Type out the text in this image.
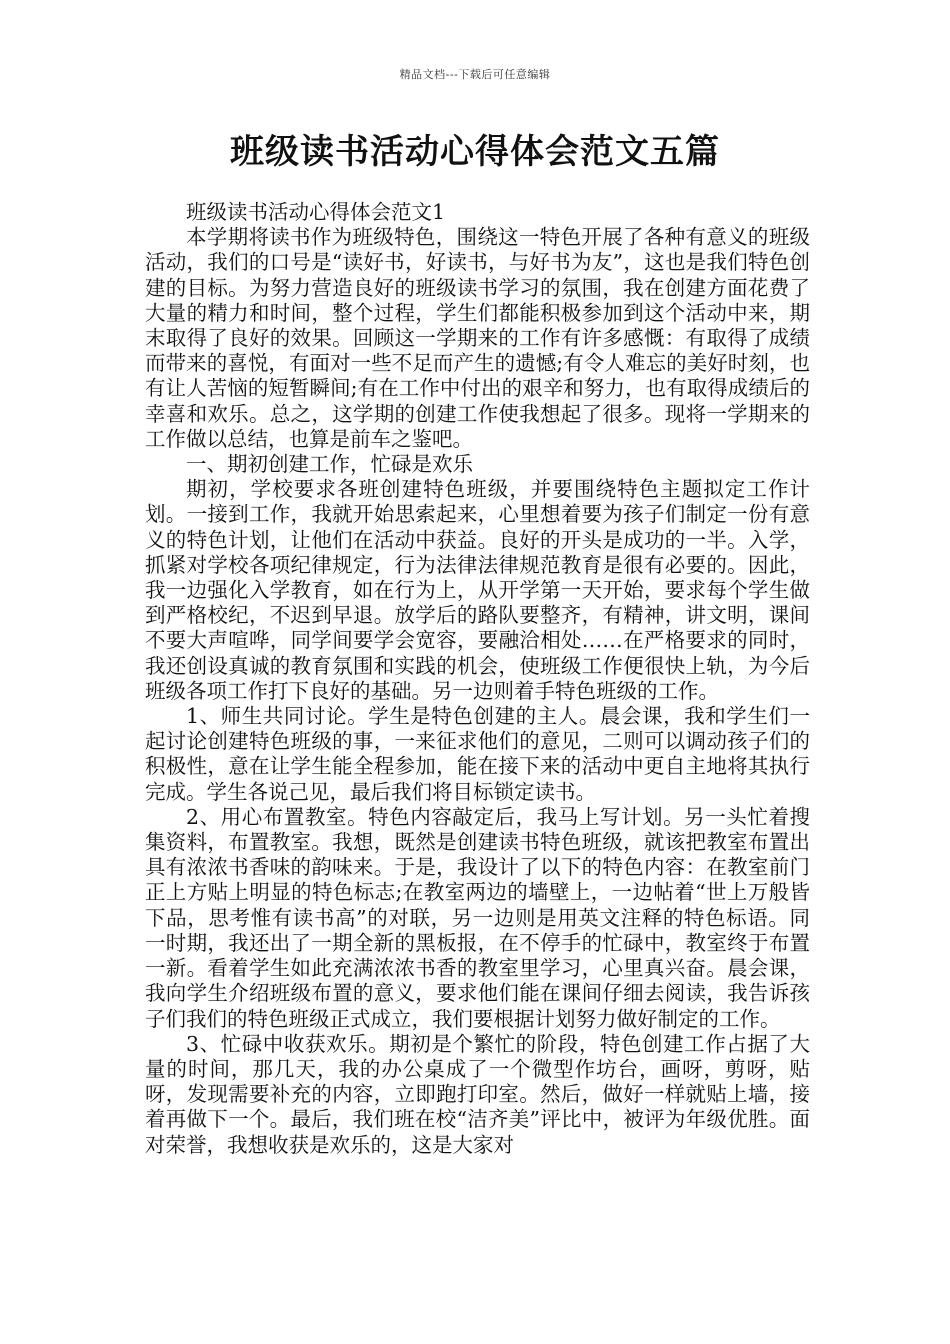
精品文档---下载后可任意编辑
班级读书活动心得体会范文五篇

班级读书活动心得体会范文1

本学期将读书作为班级特色，围绕这一特色开展了各种有意义的班级活动，我们的口号是“读好书，好读书，与好书为友”，这也是我们特色创建的目标。为努力营造良好的班级读书学习的氛围，我在创建方面花费了大量的精力和时间，整个过程，学生们都能积极参加到这个活动中来，期末取得了良好的效果。回顾这一学期来的工作有许多感慨：有取得了成绩而带来的喜悦，有面对一些不足而产生的遗憾;有令人难忘的美好时刻，也有让人苦恼的短暂瞬间;有在工作中付出的艰辛和努力，也有取得成绩后的幸喜和欢乐。总之，这学期的创建工作使我想起了很多。现将一学期来的工作做以总结，也算是前车之鉴吧。

一、期初创建工作，忙碌是欢乐

期初，学校要求各班创建特色班级，并要围绕特色主题拟定工作计划。一接到工作，我就开始思索起来，心里想着要为孩子们制定一份有意义的特色计划，让他们在活动中获益。良好的开头是成功的一半。入学，抓紧对学校各项纪律规定，行为法律法律规范教育是很有必要的。因此，我一边强化入学教育，如在行为上，从开学第一天开始，要求每个学生做到严格校纪，不迟到早退。放学后的路队要整齐，有精神，讲文明，课间不要大声喧哗，同学间要学会宽容，要融洽相处……在严格要求的同时，我还创设真诚的教育氛围和实践的机会，使班级工作便很快上轨，为今后班级各项工作打下良好的基础。另一边则着手特色班级的工作。

1、师生共同讨论。学生是特色创建的主人。晨会课，我和学生们一起讨论创建特色班级的事，一来征求他们的意见，二则可以调动孩子们的积极性，意在让学生能全程参加，能在接下来的活动中更自主地将其执行完成。学生各说己见，最后我们将目标锁定读书。

2、用心布置教室。特色内容敲定后，我马上写计划。另一头忙着搜集资料，布置教室。我想，既然是创建读书特色班级，就该把教室布置出具有浓浓书香味的韵味来。于是，我设计了以下的特色内容：在教室前门正上方贴上明显的特色标志;在教室两边的墙壁上，一边帖着“世上万般皆下品，思考惟有读书高”的对联，另一边则是用英文注释的特色标语。同一时期，我还出了一期全新的黑板报，在不停手的忙碌中，教室终于布置一新。看着学生如此充满浓浓书香的教室里学习，心里真兴奋。晨会课，我向学生介绍班级布置的意义，要求他们能在课间仔细去阅读，我告诉孩子们我们的特色班级正式成立，我们要根据计划努力做好制定的工作。

3、忙碌中收获欢乐。期初是个繁忙的阶段，特色创建工作占据了大量的时间，那几天，我的办公桌成了一个微型作坊台，画呀，剪呀，贴呀，发现需要补充的内容，立即跑打印室。然后，做好一样就贴上墙，接着再做下一个。最后，我们班在校“洁齐美”评比中，被评为年级优胜。面对荣誉，我想收获是欢乐的，这是大家对
